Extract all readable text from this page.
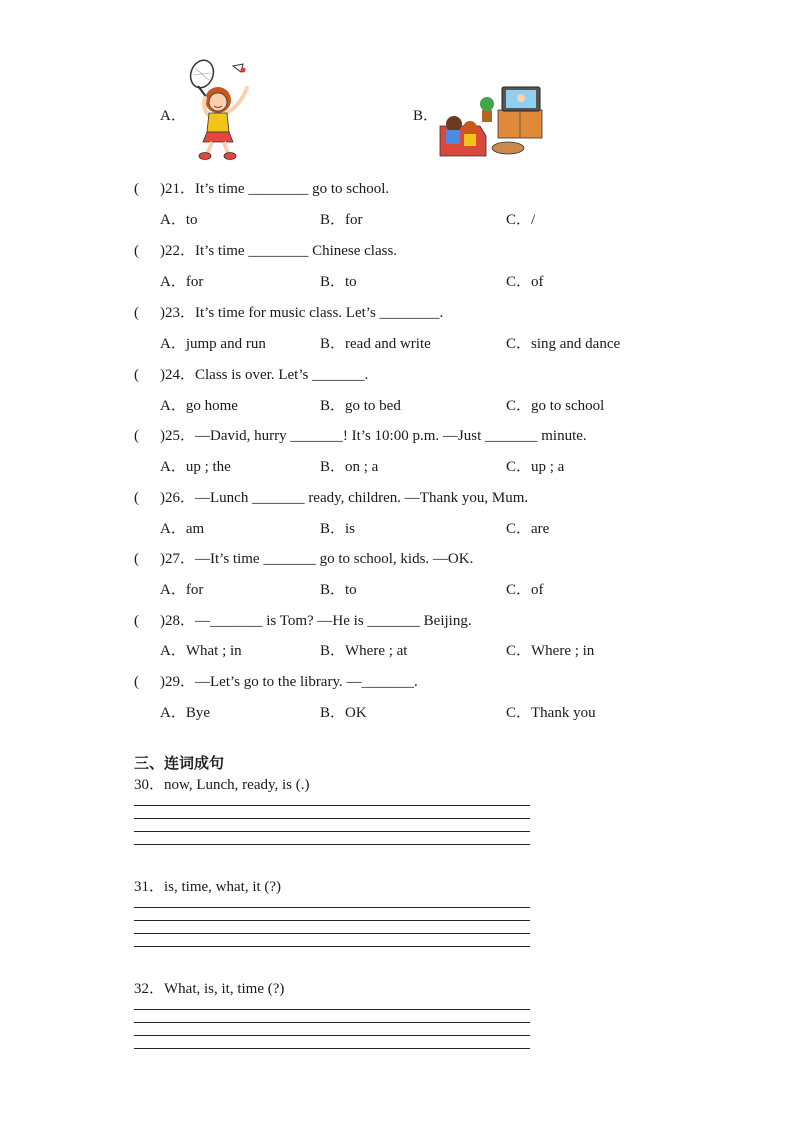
A．	B．
( )21．It’s time ________ go to school.
A．to	B．for	C．/
( )22．It’s time ________ Chinese class.
A．for	B．to	C．of
( )23．It’s time for music class. Let’s ________.
A．jump and run	B．read and write	C．sing and dance
( )24．Class is over. Let’s _______.
A．go home	B．go to bed	C．go to school
( )25．—David, hurry _______! It’s 10:00 p.m. —Just _______ minute.
A．up ; the	B．on ; a	C．up ; a
( )26．—Lunch _______ ready, children. —Thank you, Mum.
A．am	B．is	C．are
( )27．—It’s time _______ go to school, kids. —OK.
A．for	B．to	C．of
( )28．—_______ is Tom? —He is _______ Beijing.
A．What ; in	B．Where ; at	C．Where ; in
( )29．—Let’s go to the library. —_______.
A．Bye	B．OK	C．Thank you
三、连词成句
30．now, Lunch, ready, is (.)
31．is, time, what, it (?)
32．What, is, it, time (?)
